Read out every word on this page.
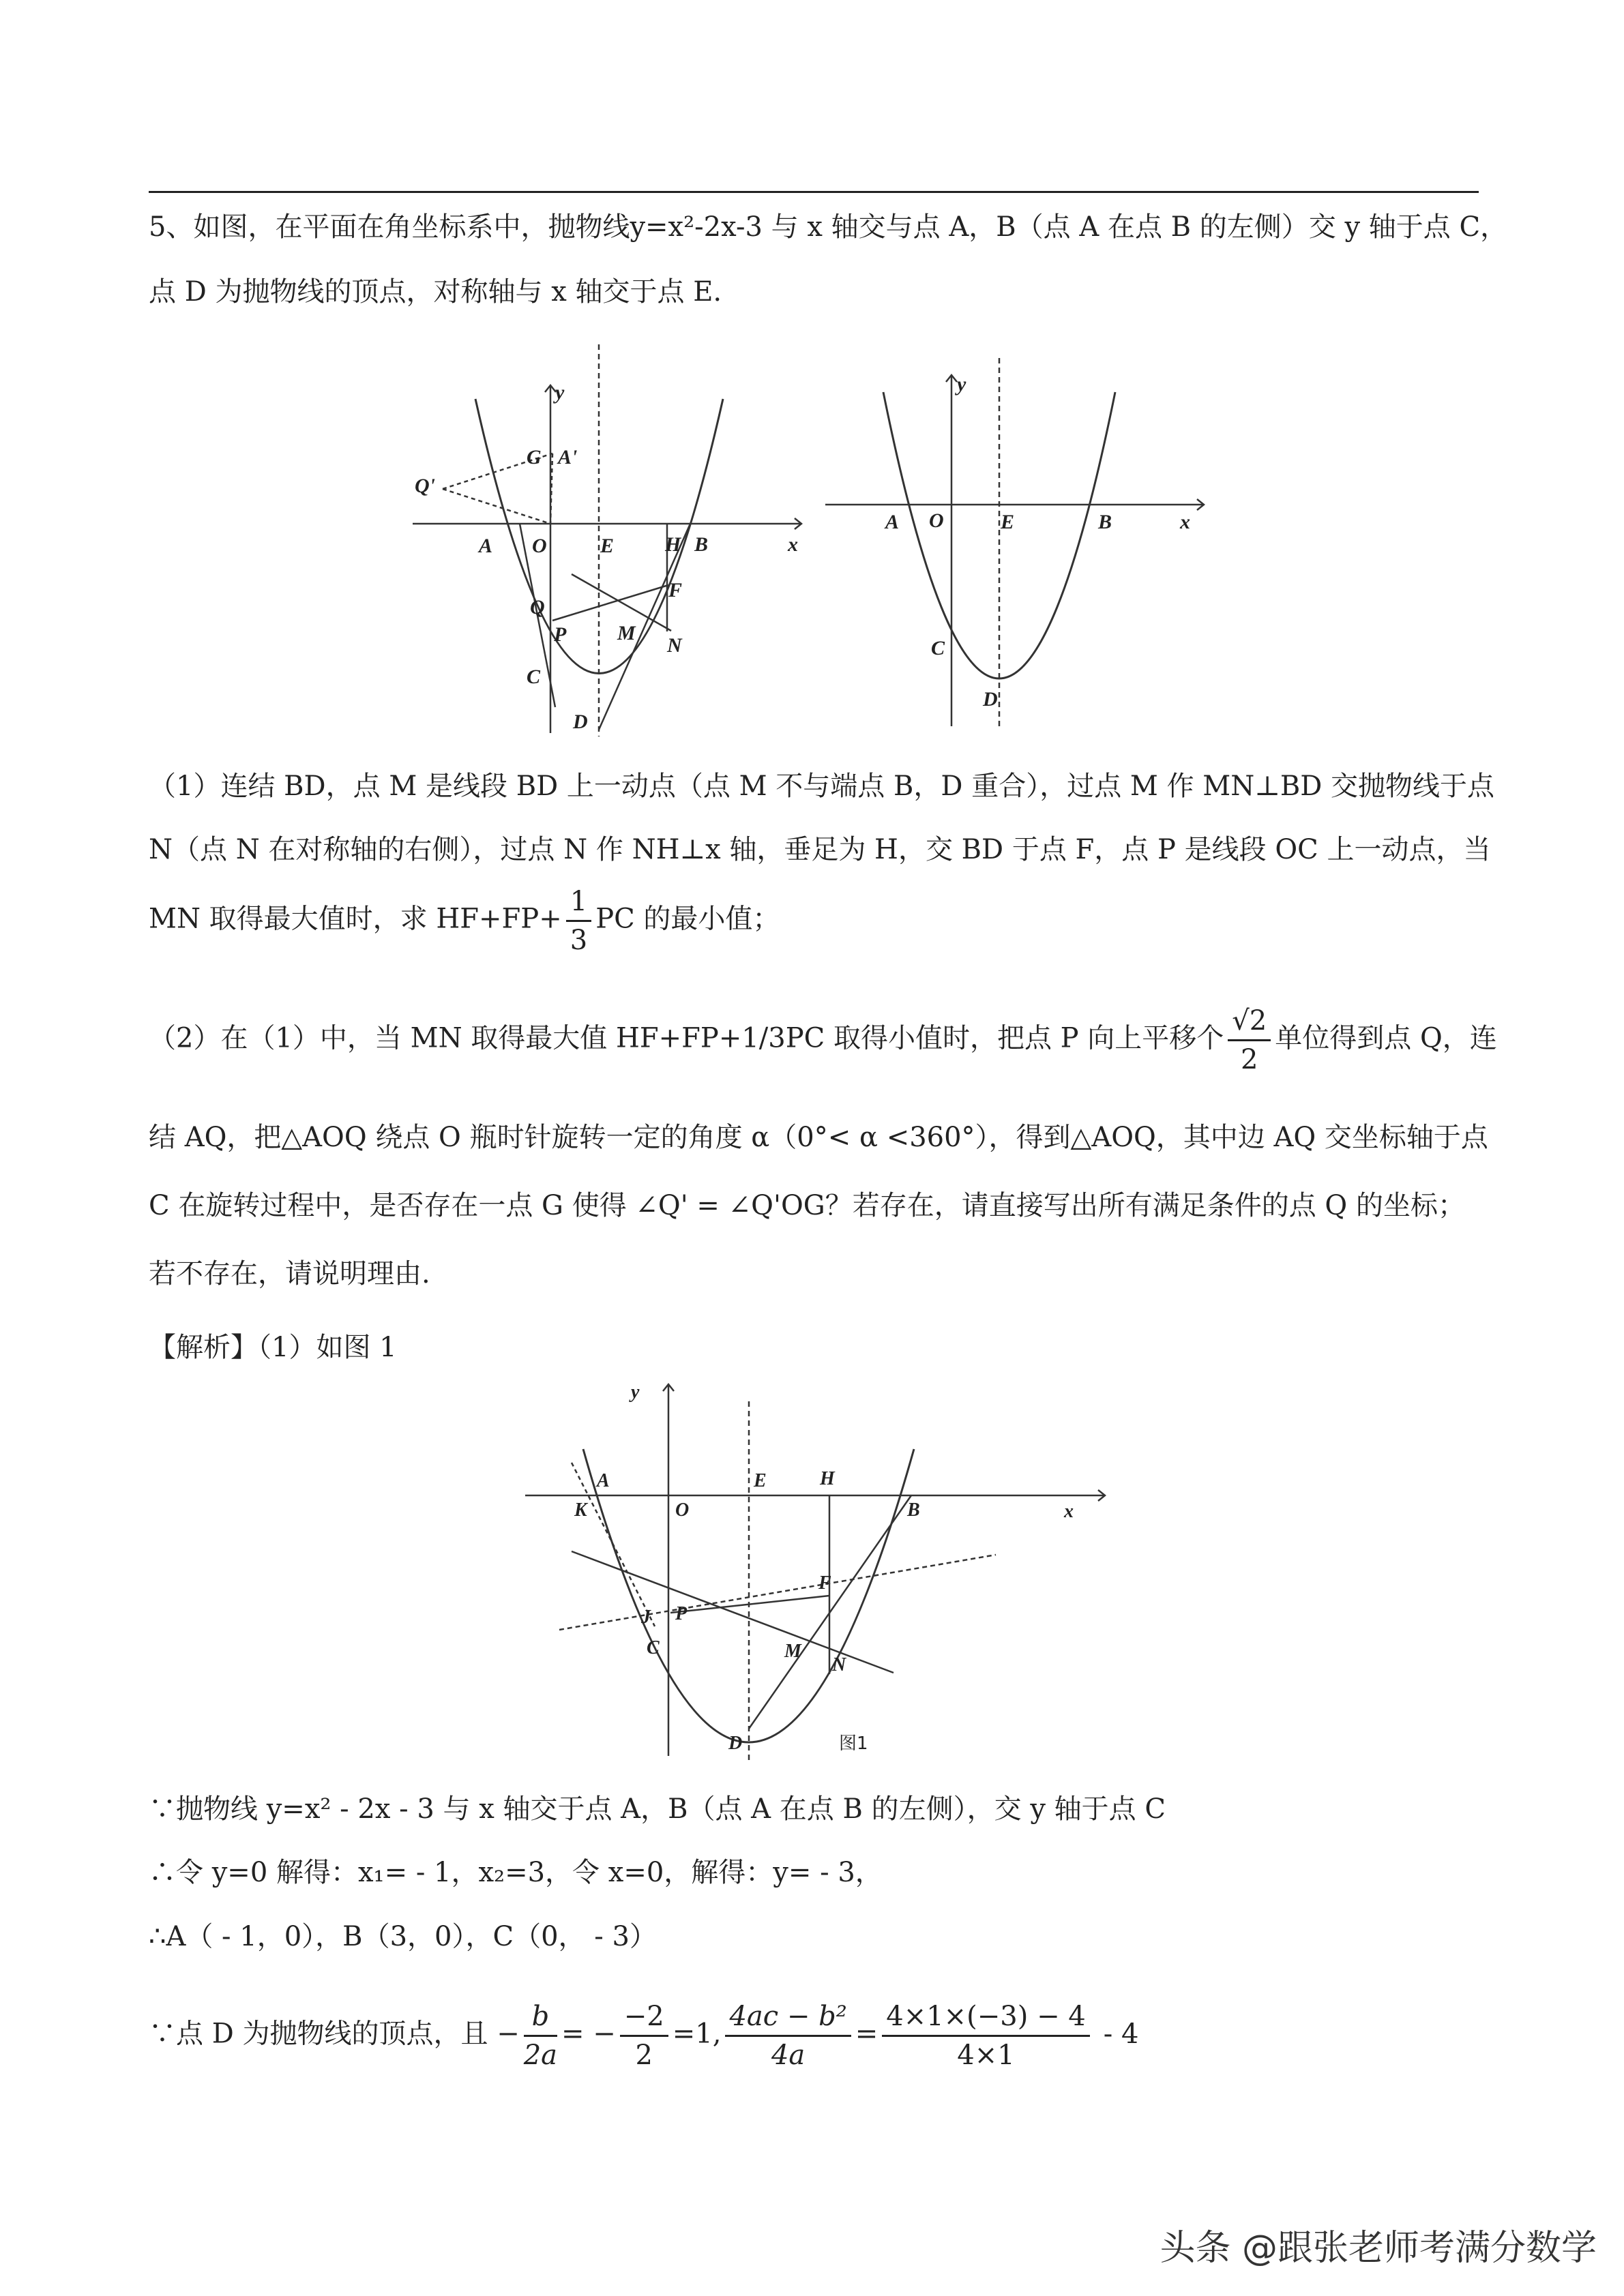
5、如图，在平面在角坐标系中，抛物线y=x²-2x-3 与 x 轴交与点 A，B（点 A 在点 B 的左侧）交 y 轴于点 C，
点 D 为抛物线的顶点，对称轴与 x 轴交于点 E.
y
x
A O	E H B
G A'
Q'
Q
F
P M
N
C
D
y
x
A O	E	B
C
D
（1）连结 BD，点 M 是线段 BD 上一动点（点 M 不与端点 B，D 重合），过点 M 作 MN⊥BD 交抛物线于点
N（点 N 在对称轴的右侧），过点 N 作 NH⊥x 轴，垂足为 H，交 BD 于点 F，点 P 是线段 OC 上一动点，当
MN 取得最大值时，求 $HF+FP+ \frac{1}{3}$ PC 的最小值；
（2）在（1）中，当 MN 取得最大值 HF+FP+1/3PC 取得小值时，把点 P 向上平移个 $\frac{√2}{2}$ 单位得到点 Q，连
结 AQ，把△AOQ 绕点 O 瓶时针旋转一定的角度 α（0°< α <360°），得到△AOQ，其中边 AQ 交坐标轴于点
C 在旋转过程中，是否存在一点 G 使得 ∠Q' = ∠Q'OG？若存在，请直接写出所有满足条件的点 Q 的坐标；
若不存在，请说明理由.
【解析】（1）如图 1
y
x
A
K	O
E	H
B
F
J P
C	M
N
D	图1
∵抛物线 y=x² - 2x - 3 与 x 轴交于点 A，B（点 A 在点 B 的左侧），交 y 轴于点 C
∴令 y=0 解得：x₁= - 1，x₂=3，令 x=0，解得：y= - 3，
∴A（ - 1，0），B（3，0），C（0， - 3）
∵点 D 为抛物线的顶点，且 − $\frac{b}{2a}$ = − $\frac{-2}{2} =1$, $\frac{\text{4ac − b²}}{4a} = \frac{4\times 1\times(-3) - 4}{4\times 1} - 4$
头条 @跟张老师考满分数学
